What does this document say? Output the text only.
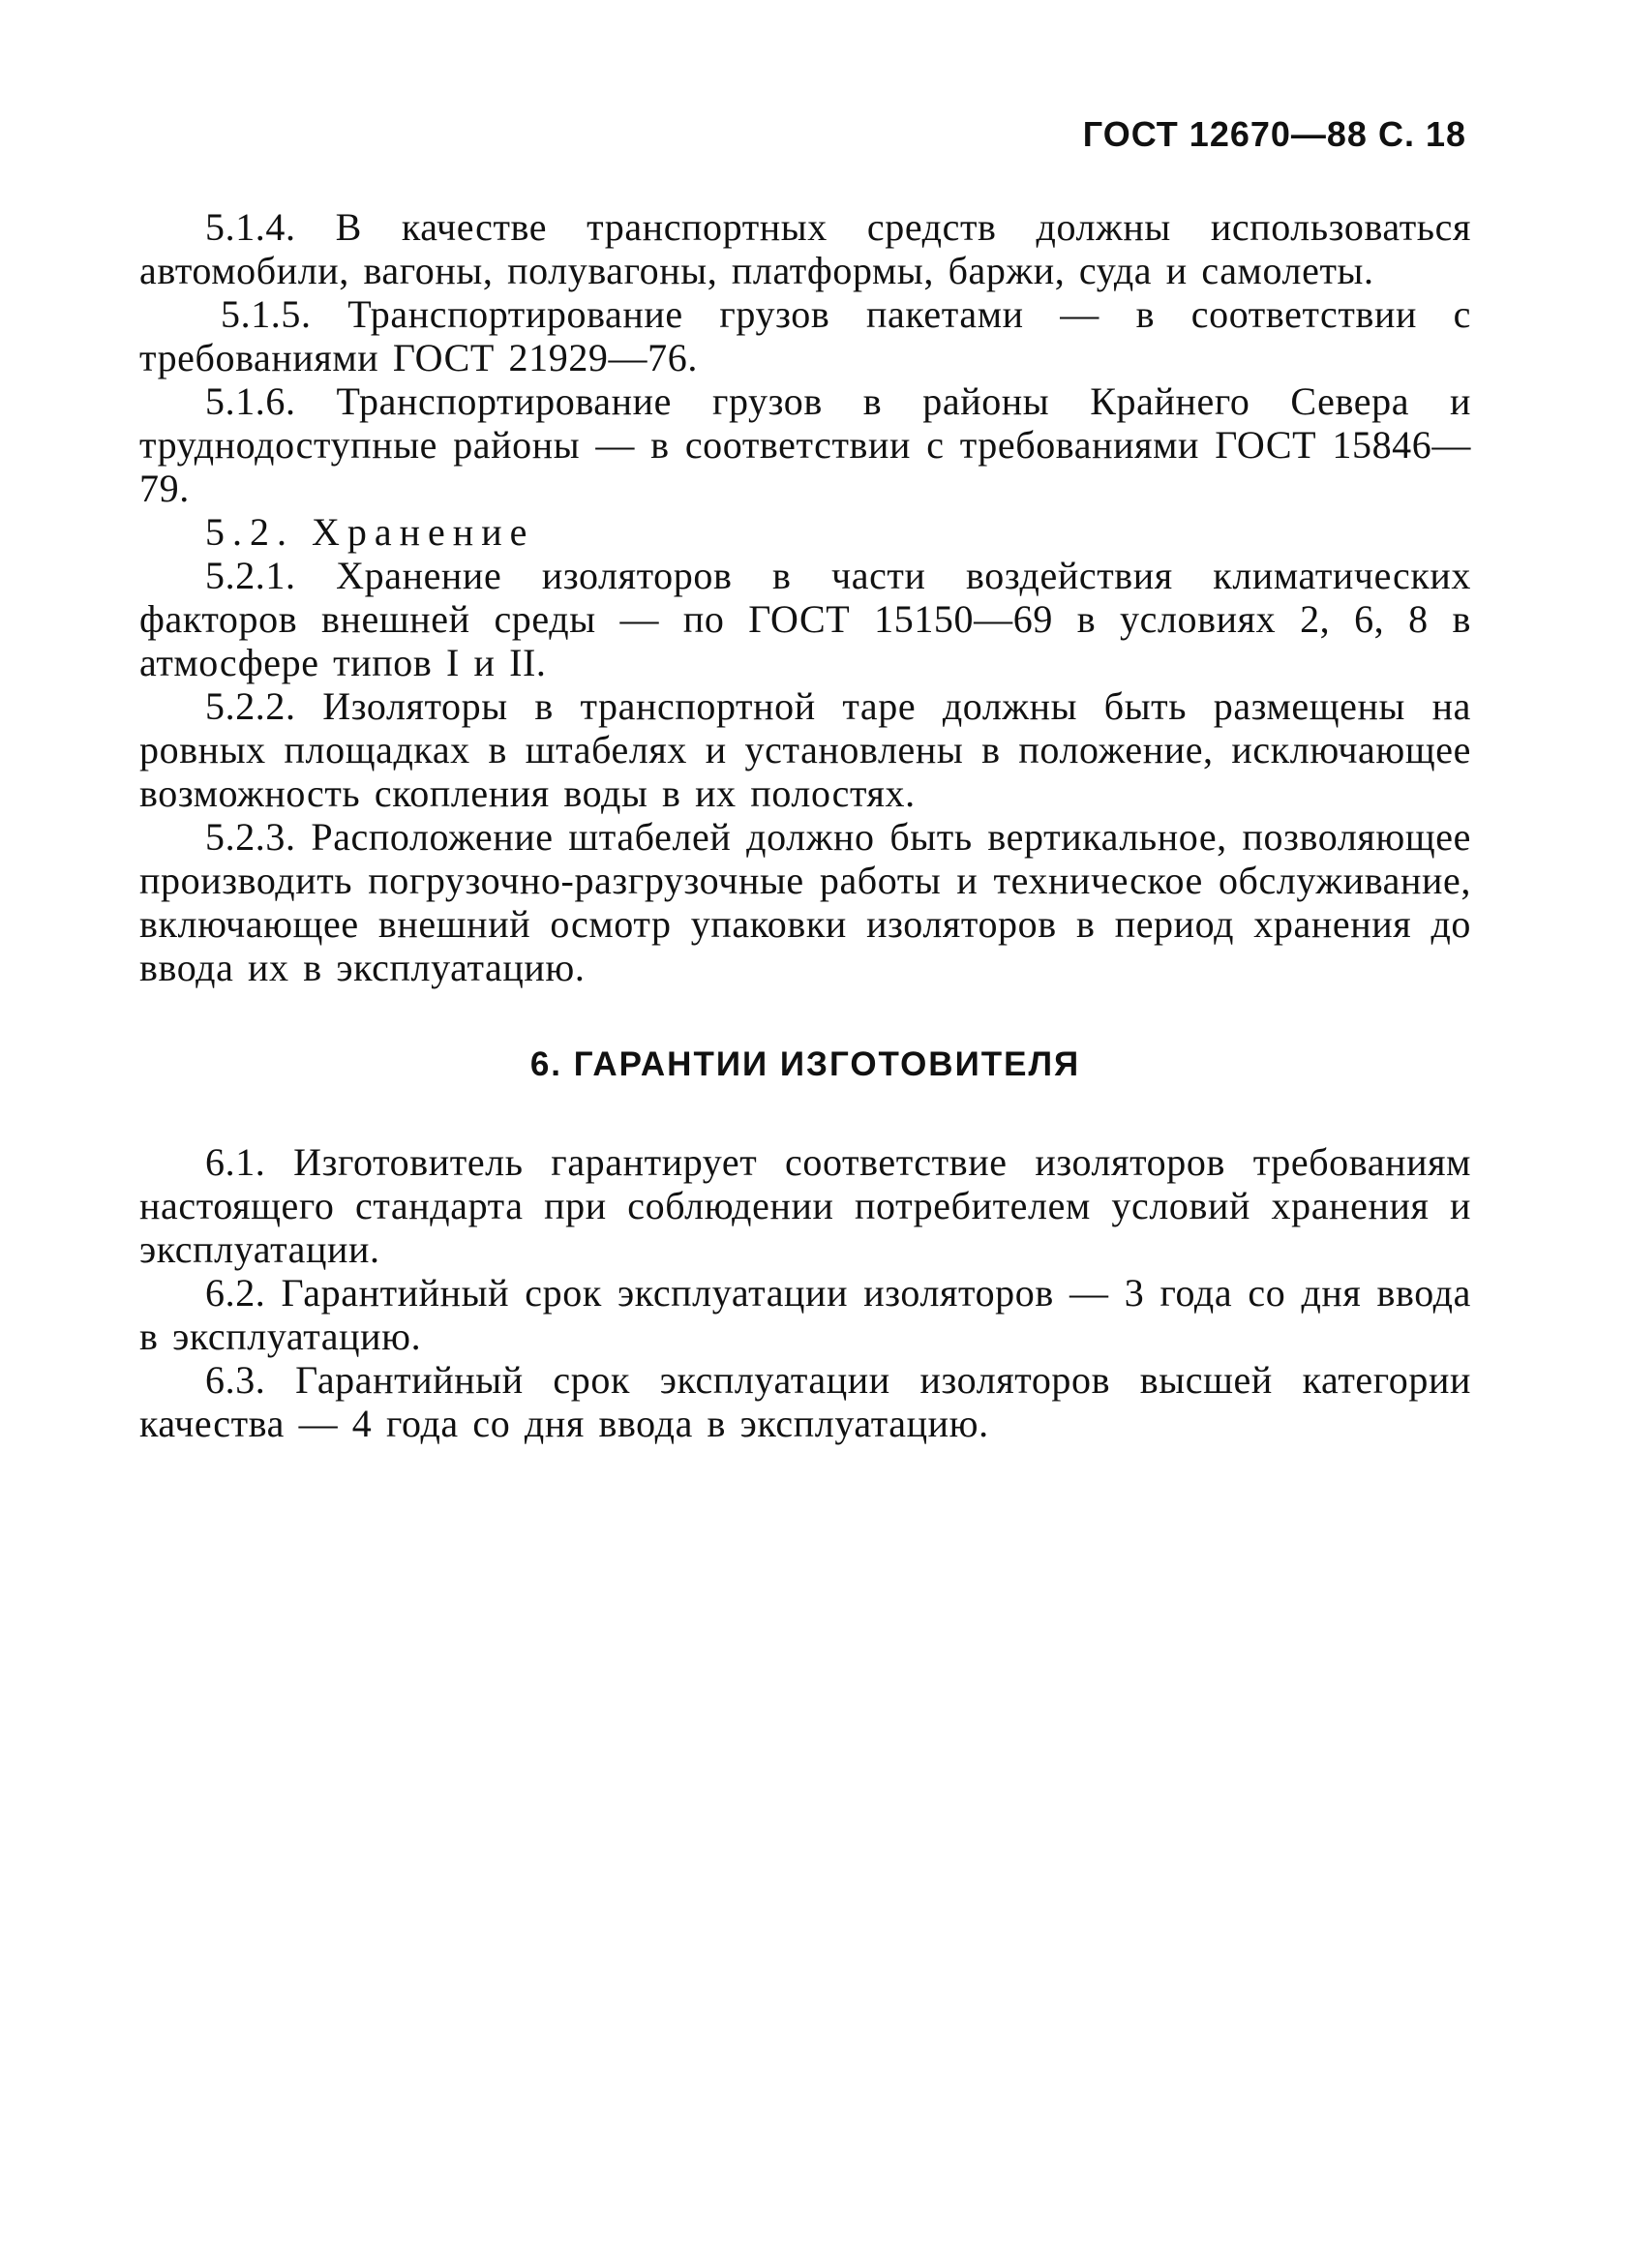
ГОСТ 12670—88 С. 18

5.1.4. В качестве транспортных средств должны использоваться автомобили, вагоны, полувагоны, платформы, баржи, суда и самолеты.

5.1.5. Транспортирование грузов пакетами — в соответствии с требованиями ГОСТ 21929—76.

5.1.6. Транспортирование грузов в районы Крайнего Севера и труднодоступные районы — в соответствии с требованиями ГОСТ 15846—79.

5.2. Хранение

5.2.1. Хранение изоляторов в части воздействия климатических факторов внешней среды — по ГОСТ 15150—69 в условиях 2, 6, 8 в атмосфере типов I и II.

5.2.2. Изоляторы в транспортной таре должны быть размещены на ровных площадках в штабелях и установлены в положение, исключающее возможность скопления воды в их полостях.

5.2.3. Расположение штабелей должно быть вертикальное, позволяющее производить погрузочно-разгрузочные работы и техническое обслуживание, включающее внешний осмотр упаковки изоляторов в период хранения до ввода их в эксплуатацию.

6. ГАРАНТИИ ИЗГОТОВИТЕЛЯ

6.1. Изготовитель гарантирует соответствие изоляторов требованиям настоящего стандарта при соблюдении потребителем условий хранения и эксплуатации.

6.2. Гарантийный срок эксплуатации изоляторов — 3 года со дня ввода в эксплуатацию.

6.3. Гарантийный срок эксплуатации изоляторов высшей категории качества — 4 года со дня ввода в эксплуатацию.
